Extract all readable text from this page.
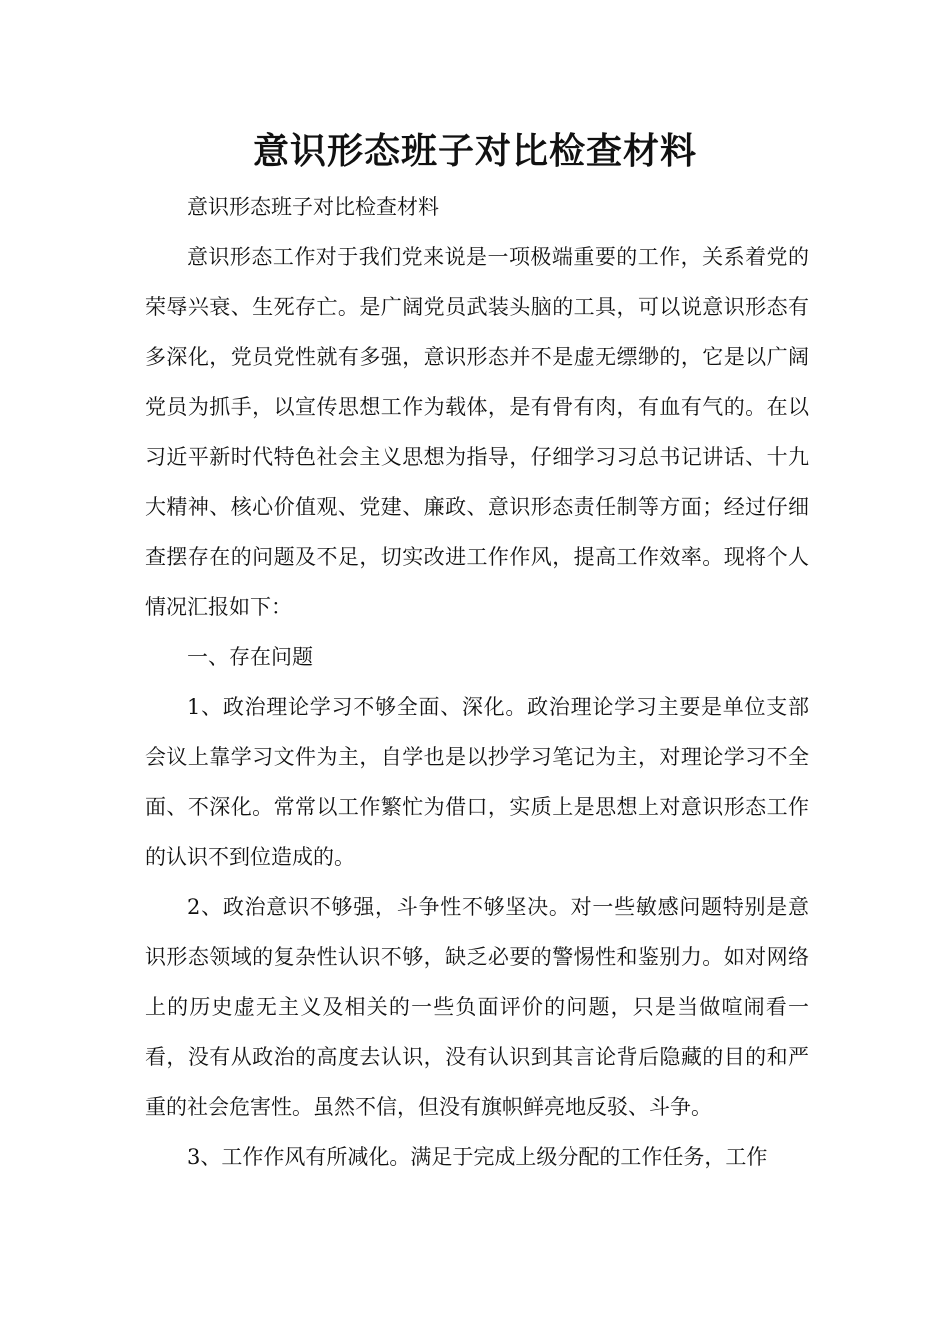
意识形态班子对比检查材料

意识形态班子对比检查材料

意识形态工作对于我们党来说是一项极端重要的工作，关系着党的荣辱兴衰、生死存亡。是广阔党员武装头脑的工具，可以说意识形态有多深化，党员党性就有多强，意识形态并不是虚无缥缈的，它是以广阔党员为抓手，以宣传思想工作为载体，是有骨有肉，有血有气的。在以习近平新时代特色社会主义思想为指导，仔细学习习总书记讲话、十九大精神、核心价值观、党建、廉政、意识形态责任制等方面；经过仔细查摆存在的问题及不足，切实改进工作作风，提高工作效率。现将个人情况汇报如下：

一、存在问题

1、政治理论学习不够全面、深化。政治理论学习主要是单位支部会议上靠学习文件为主，自学也是以抄学习笔记为主，对理论学习不全面、不深化。常常以工作繁忙为借口，实质上是思想上对意识形态工作的认识不到位造成的。

2、政治意识不够强，斗争性不够坚决。对一些敏感问题特别是意识形态领域的复杂性认识不够，缺乏必要的警惕性和鉴别力。如对网络上的历史虚无主义及相关的一些负面评价的问题，只是当做喧闹看一看，没有从政治的高度去认识，没有认识到其言论背后隐藏的目的和严重的社会危害性。虽然不信，但没有旗帜鲜亮地反驳、斗争。

3、工作作风有所减化。满足于完成上级分配的工作任务，工作
